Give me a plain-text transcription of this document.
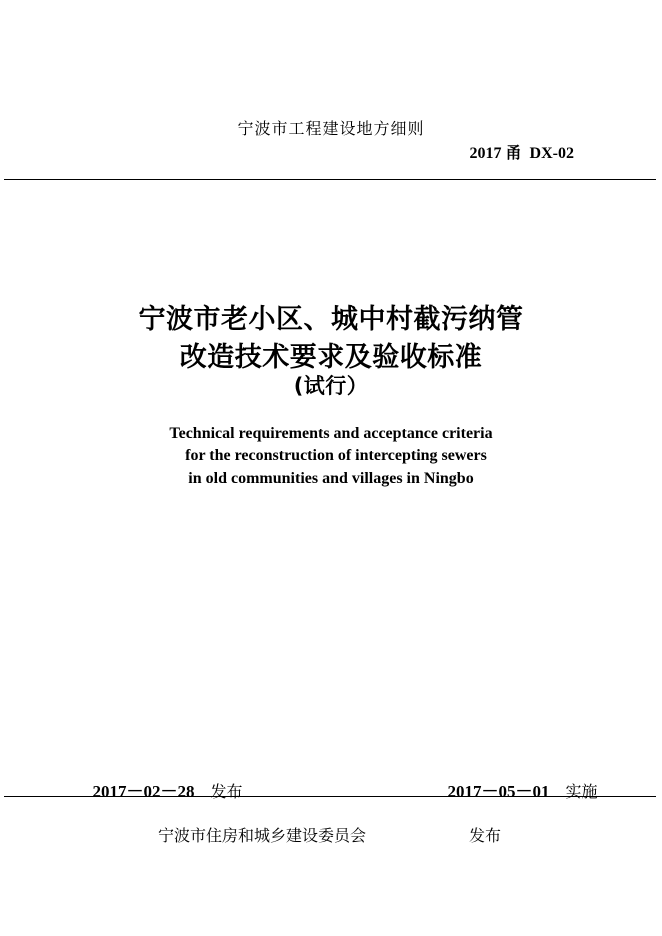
宁波市工程建设地方细则
2017 甬  DX-02
宁波市老小区、城中村截污纳管
改造技术要求及验收标准
(试行）
Technical requirements and acceptance criteria
for the reconstruction of intercepting sewers
in old communities and villages in Ningbo

2017－02－28 发布	2017－05－01 实施

宁波市住房和城乡建设委员会	发布
